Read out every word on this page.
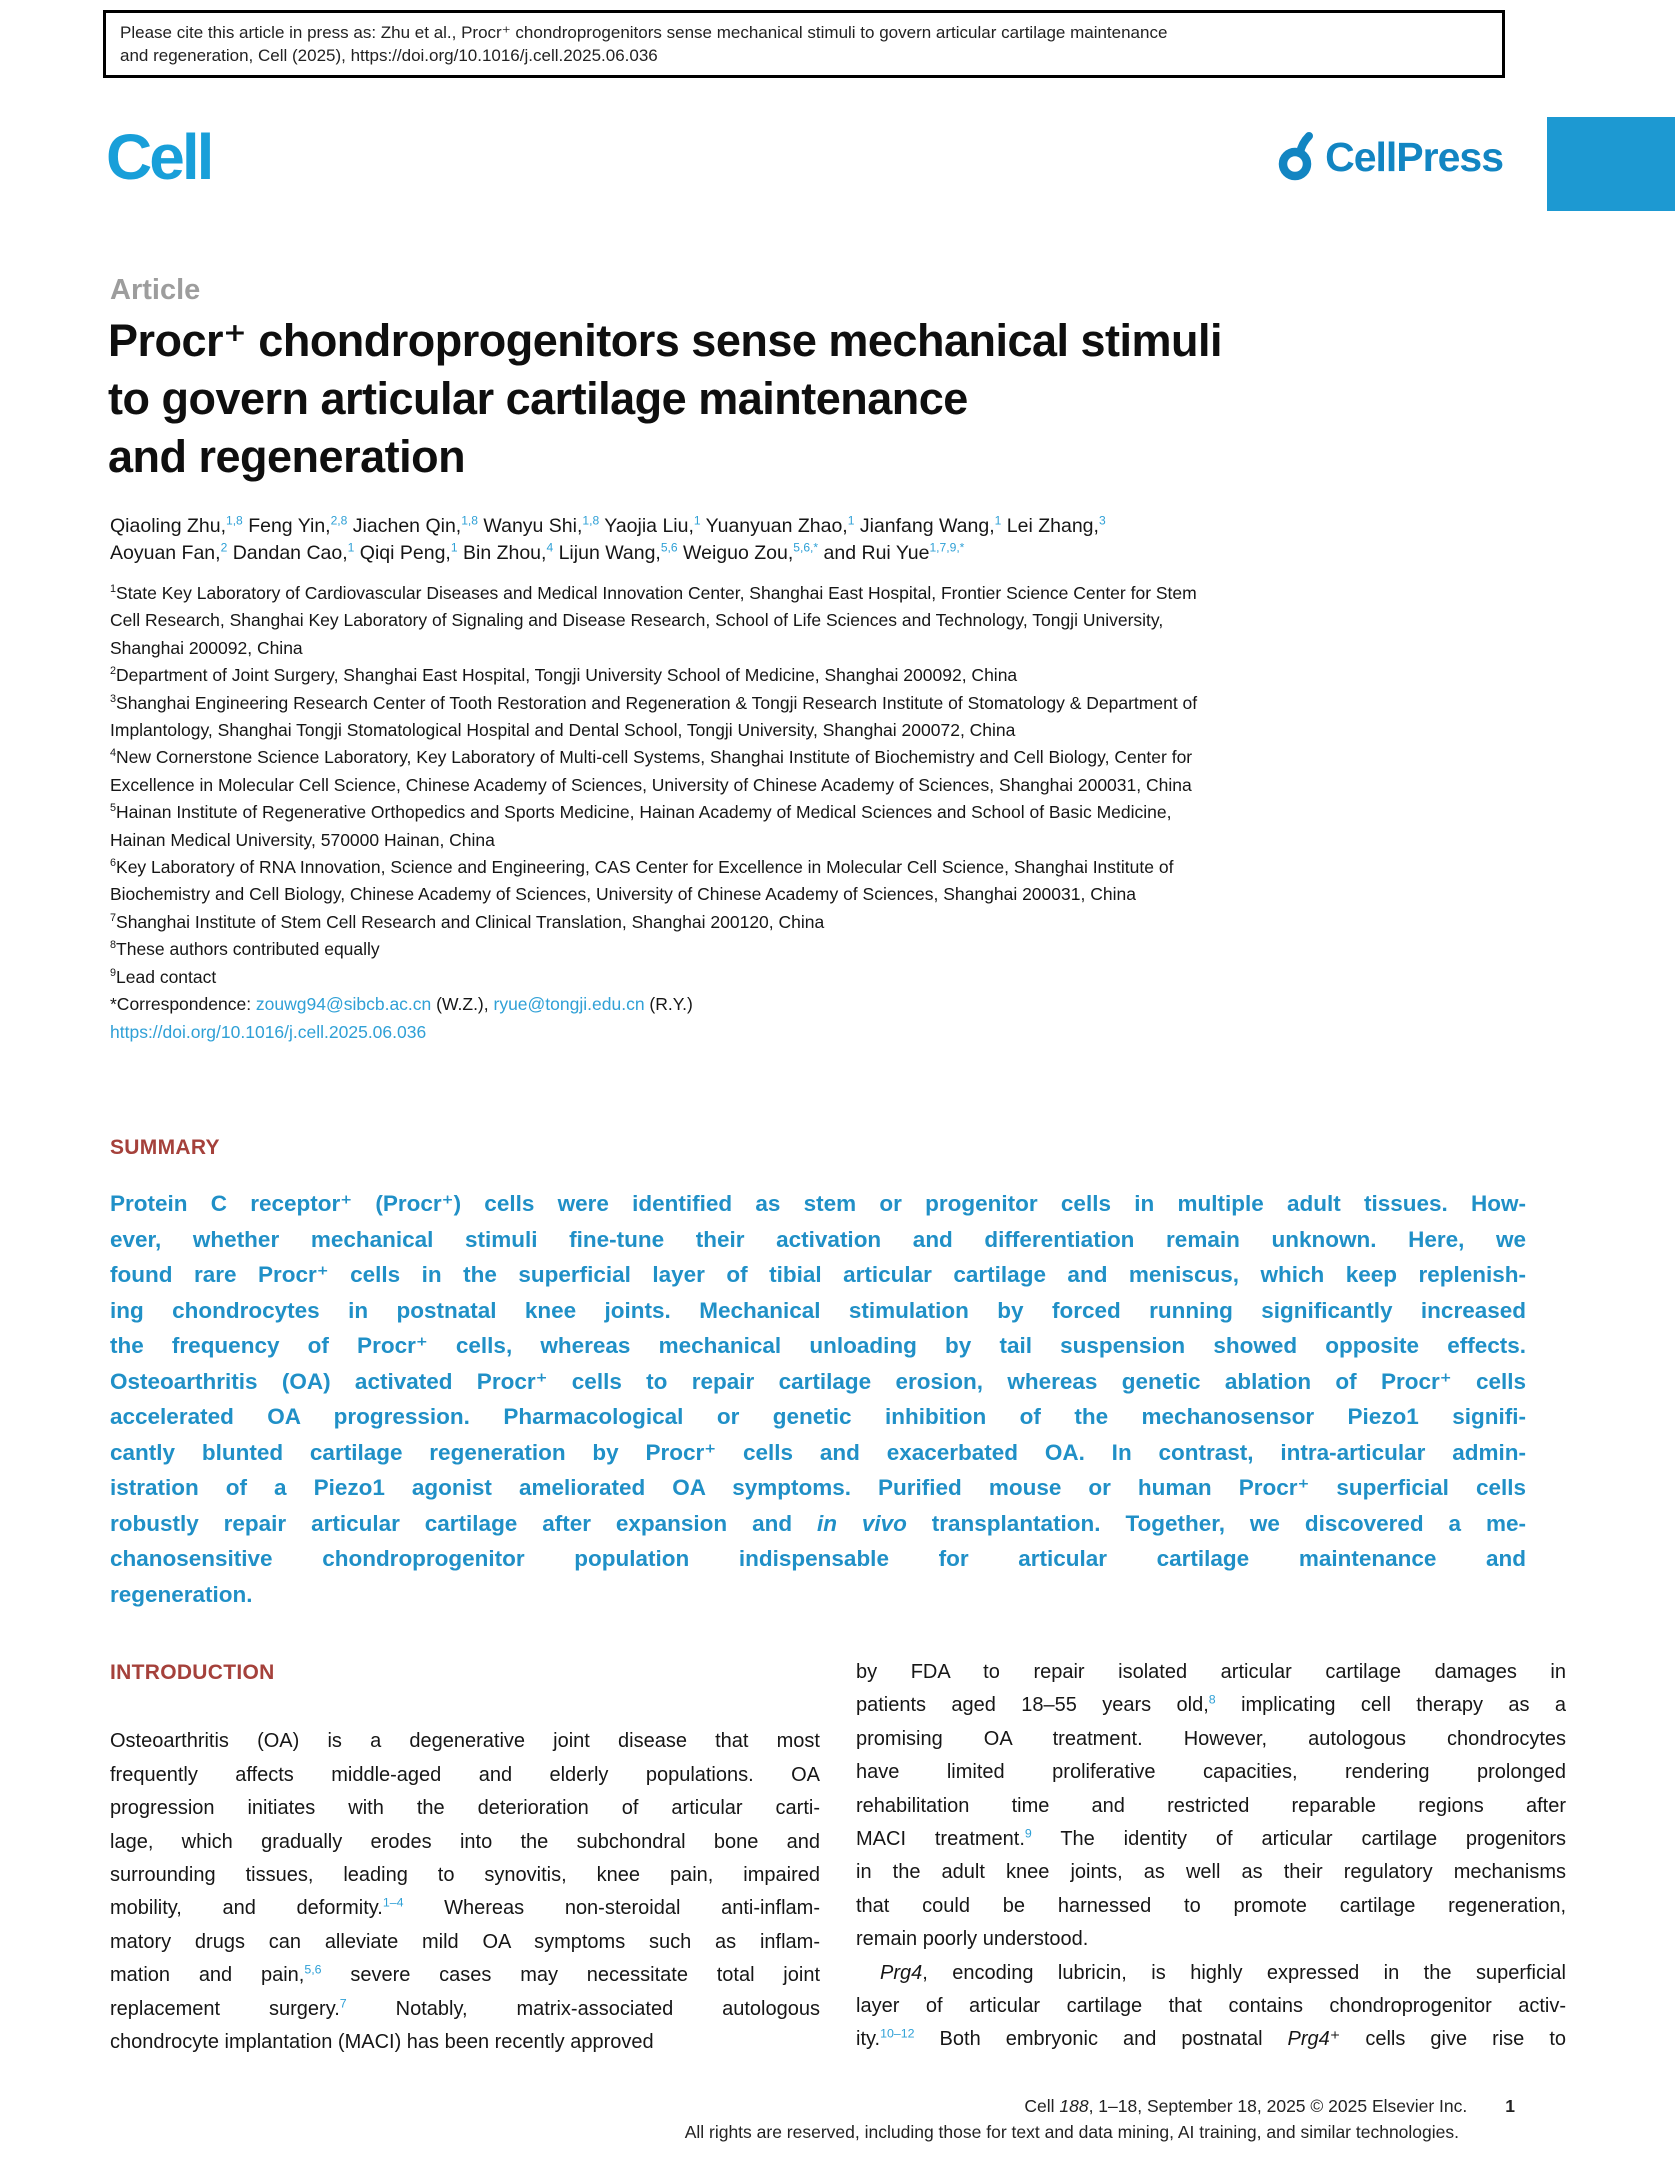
Please cite this article in press as: Zhu et al., Procr⁺ chondroprogenitors sense mechanical stimuli to govern articular cartilage maintenance
and regeneration, Cell (2025), https://doi.org/10.1016/j.cell.2025.06.036
Cell	CellPress
Article
Procr⁺ chondroprogenitors sense mechanical stimuli
to govern articular cartilage maintenance
and regeneration
Qiaoling Zhu,$^{1,8}$ Feng Yin,$^{2,8}$ Jiachen Qin,$^{1,8}$ Wanyu Shi,$^{1,8}$ Yaojia Liu,$^1$ Yuanyuan Zhao,$^1$ Jianfang Wang,$^1$ Lei Zhang,$^3$
Aoyuan Fan,$^2$ Dandan Cao,$^1$ Qiqi Peng,$^1$ Bin Zhou,$^4$ Lijun Wang,$^{5,6}$ Weiguo Zou,$^{5,6,*}$ and Rui Yue$^{1,7,9,*}$
$^1$State Key Laboratory of Cardiovascular Diseases and Medical Innovation Center, Shanghai East Hospital, Frontier Science Center for Stem
Cell Research, Shanghai Key Laboratory of Signaling and Disease Research, School of Life Sciences and Technology, Tongji University,
Shanghai 200092, China
$^2$Department of Joint Surgery, Shanghai East Hospital, Tongji University School of Medicine, Shanghai 200092, China
$^3$Shanghai Engineering Research Center of Tooth Restoration and Regeneration & Tongji Research Institute of Stomatology & Department of
Implantology, Shanghai Tongji Stomatological Hospital and Dental School, Tongji University, Shanghai 200072, China
$^4$New Cornerstone Science Laboratory, Key Laboratory of Multi-cell Systems, Shanghai Institute of Biochemistry and Cell Biology, Center for
Excellence in Molecular Cell Science, Chinese Academy of Sciences, University of Chinese Academy of Sciences, Shanghai 200031, China
$^5$Hainan Institute of Regenerative Orthopedics and Sports Medicine, Hainan Academy of Medical Sciences and School of Basic Medicine,
Hainan Medical University, 570000 Hainan, China
$^6$Key Laboratory of RNA Innovation, Science and Engineering, CAS Center for Excellence in Molecular Cell Science, Shanghai Institute of
Biochemistry and Cell Biology, Chinese Academy of Sciences, University of Chinese Academy of Sciences, Shanghai 200031, China
$^7$Shanghai Institute of Stem Cell Research and Clinical Translation, Shanghai 200120, China
$^8$These authors contributed equally
$^9$Lead contact
*Correspondence: zouwg94@sibcb.ac.cn (W.Z.), ryue@tongji.edu.cn (R.Y.)
https://doi.org/10.1016/j.cell.2025.06.036
SUMMARY
Protein C receptor⁺ (Procr⁺) cells were identified as stem or progenitor cells in multiple adult tissues. How-
ever, whether mechanical stimuli fine-tune their activation and differentiation remain unknown. Here, we
found rare Procr⁺ cells in the superficial layer of tibial articular cartilage and meniscus, which keep replenish-
ing chondrocytes in postnatal knee joints. Mechanical stimulation by forced running significantly increased
the frequency of Procr⁺ cells, whereas mechanical unloading by tail suspension showed opposite effects.
Osteoarthritis (OA) activated Procr⁺ cells to repair cartilage erosion, whereas genetic ablation of Procr⁺ cells
accelerated OA progression. Pharmacological or genetic inhibition of the mechanosensor Piezo1 signifi-
cantly blunted cartilage regeneration by Procr⁺ cells and exacerbated OA. In contrast, intra-articular admin-
istration of a Piezo1 agonist ameliorated OA symptoms. Purified mouse or human Procr⁺ superficial cells
robustly repair articular cartilage after expansion and in vivo transplantation. Together, we discovered a me-
chanosensitive chondroprogenitor population indispensable for articular cartilage maintenance and
regeneration.
INTRODUCTION
Osteoarthritis (OA) is a degenerative joint disease that most
frequently affects middle-aged and elderly populations. OA
progression initiates with the deterioration of articular carti-
lage, which gradually erodes into the subchondral bone and
surrounding tissues, leading to synovitis, knee pain, impaired
mobility, and deformity.$^{1-4}$ Whereas non-steroidal anti-inflam-
matory drugs can alleviate mild OA symptoms such as inflam-
mation and pain,$^{5,6}$ severe cases may necessitate total joint
replacement surgery.$^7$ Notably, matrix-associated autologous
chondrocyte implantation (MACI) has been recently approved
by FDA to repair isolated articular cartilage damages in
patients aged 18–55 years old,$^8$ implicating cell therapy as a
promising OA treatment. However, autologous chondrocytes
have limited proliferative capacities, rendering prolonged
rehabilitation time and restricted reparable regions after
MACI treatment.$^9$ The identity of articular cartilage progenitors
in the adult knee joints, as well as their regulatory mechanisms
that could be harnessed to promote cartilage regeneration,
remain poorly understood.
Prg4, encoding lubricin, is highly expressed in the superficial
layer of articular cartilage that contains chondroprogenitor activ-
ity.$^{10-12}$ Both embryonic and postnatal Prg4⁺ cells give rise to
Cell 188, 1–18, September 18, 2025 © 2025 Elsevier Inc. 1
All rights are reserved, including those for text and data mining, AI training, and similar technologies.
